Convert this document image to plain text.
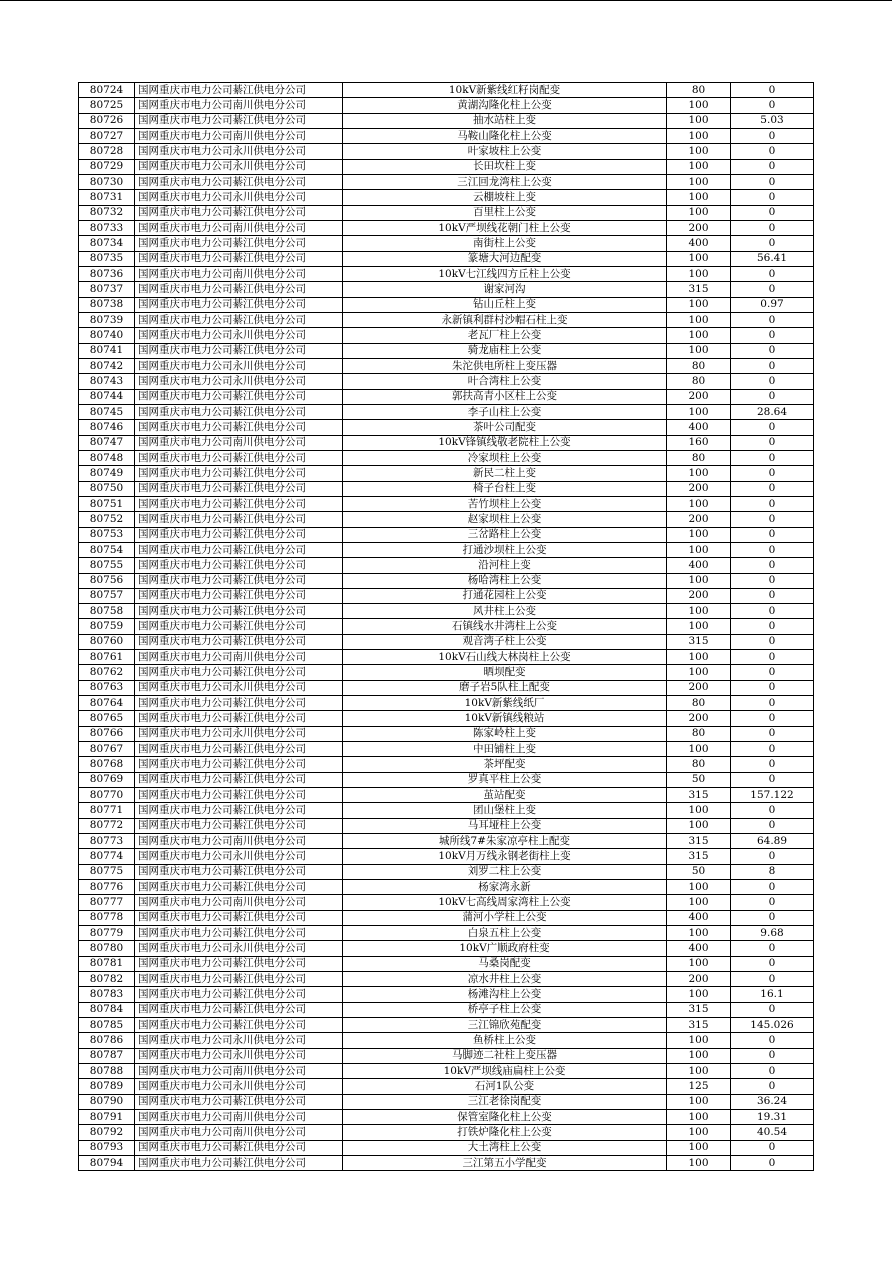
80724	国网重庆市电力公司綦江供电分公司	10kV新紫线红籽岗配变	80	0
80725	国网重庆市电力公司南川供电分公司	黄湖沟隆化柱上公变	100	0
80726	国网重庆市电力公司綦江供电分公司	抽水站柱上变	100	5.03
80727	国网重庆市电力公司南川供电分公司	马鞍山隆化柱上公变	100	0
80728	国网重庆市电力公司永川供电分公司	叶家坡柱上公变	100	0
80729	国网重庆市电力公司永川供电分公司	长田坎柱上变	100	0
80730	国网重庆市电力公司綦江供电分公司	三江回龙湾柱上公变	100	0
80731	国网重庆市电力公司永川供电分公司	云棚坡柱上变	100	0
80732	国网重庆市电力公司綦江供电分公司	百里柱上公变	100	0
80733	国网重庆市电力公司南川供电分公司	10kV严坝线花朝门柱上公变	200	0
80734	国网重庆市电力公司綦江供电分公司	南街柱上公变	400	0
80735	国网重庆市电力公司綦江供电分公司	篆塘大河边配变	100	56.41
80736	国网重庆市电力公司南川供电分公司	10kV七江线四方丘柱上公变	100	0
80737	国网重庆市电力公司綦江供电分公司	谢家河沟	315	0
80738	国网重庆市电力公司綦江供电分公司	钻山丘柱上变	100	0.97
80739	国网重庆市电力公司綦江供电分公司	永新镇利群村沙帽石柱上变	100	0
80740	国网重庆市电力公司永川供电分公司	老瓦厂柱上公变	100	0
80741	国网重庆市电力公司綦江供电分公司	骑龙庙柱上公变	100	0
80742	国网重庆市电力公司永川供电分公司	朱沱供电所柱上变压器	80	0
80743	国网重庆市电力公司永川供电分公司	叶合湾柱上公变	80	0
80744	国网重庆市电力公司綦江供电分公司	郭扶高青小区柱上公变	200	0
80745	国网重庆市电力公司綦江供电分公司	李子山柱上公变	100	28.64
80746	国网重庆市电力公司綦江供电分公司	茶叶公司配变	400	0
80747	国网重庆市电力公司南川供电分公司	10kV锋镇线敬老院柱上公变	160	0
80748	国网重庆市电力公司綦江供电分公司	冷家坝柱上公变	80	0
80749	国网重庆市电力公司綦江供电分公司	新民二柱上变	100	0
80750	国网重庆市电力公司綦江供电分公司	椅子台柱上变	200	0
80751	国网重庆市电力公司綦江供电分公司	苦竹坝柱上公变	100	0
80752	国网重庆市电力公司綦江供电分公司	赵家坝柱上公变	200	0
80753	国网重庆市电力公司綦江供电分公司	三岔路柱上公变	100	0
80754	国网重庆市电力公司綦江供电分公司	打通沙坝柱上公变	100	0
80755	国网重庆市电力公司綦江供电分公司	沿河柱上变	400	0
80756	国网重庆市电力公司綦江供电分公司	杨哈湾柱上公变	100	0
80757	国网重庆市电力公司綦江供电分公司	打通花园柱上公变	200	0
80758	国网重庆市电力公司綦江供电分公司	风井柱上公变	100	0
80759	国网重庆市电力公司綦江供电分公司	石镇线水井湾柱上公变	100	0
80760	国网重庆市电力公司綦江供电分公司	观音湾子柱上公变	315	0
80761	国网重庆市电力公司南川供电分公司	10kV石山线大林岗柱上公变	100	0
80762	国网重庆市电力公司綦江供电分公司	晒坝配变	100	0
80763	国网重庆市电力公司永川供电分公司	磨子岩5队柱上配变	200	0
80764	国网重庆市电力公司綦江供电分公司	10kV新紫线纸厂	80	0
80765	国网重庆市电力公司綦江供电分公司	10kV新镇线粮站	200	0
80766	国网重庆市电力公司永川供电分公司	陈家岭柱上变	80	0
80767	国网重庆市电力公司綦江供电分公司	中田铺柱上变	100	0
80768	国网重庆市电力公司綦江供电分公司	茶坪配变	80	0
80769	国网重庆市电力公司綦江供电分公司	罗真平柱上公变	50	0
80770	国网重庆市电力公司綦江供电分公司	茧站配变	315	157.122
80771	国网重庆市电力公司綦江供电分公司	团山堡柱上变	100	0
80772	国网重庆市电力公司綦江供电分公司	马耳垭柱上公变	100	0
80773	国网重庆市电力公司南川供电分公司	城所线7#朱家凉亭柱上配变	315	64.89
80774	国网重庆市电力公司永川供电分公司	10kV月万线永钢老街柱上变	315	0
80775	国网重庆市电力公司綦江供电分公司	刘罗二柱上公变	50	8
80776	国网重庆市电力公司綦江供电分公司	杨家湾永新	100	0
80777	国网重庆市电力公司南川供电分公司	10kV七高线周家湾柱上公变	100	0
80778	国网重庆市电力公司綦江供电分公司	蒲河小学柱上公变	400	0
80779	国网重庆市电力公司綦江供电分公司	白泉五柱上公变	100	9.68
80780	国网重庆市电力公司永川供电分公司	10kV广顺政府柱变	400	0
80781	国网重庆市电力公司綦江供电分公司	马桑岗配变	100	0
80782	国网重庆市电力公司綦江供电分公司	凉水井柱上公变	200	0
80783	国网重庆市电力公司綦江供电分公司	杨滩沟柱上公变	100	16.1
80784	国网重庆市电力公司綦江供电分公司	桥亭子柱上公变	315	0
80785	国网重庆市电力公司綦江供电分公司	三江锦欣苑配变	315	145.026
80786	国网重庆市电力公司永川供电分公司	鱼桥柱上公变	100	0
80787	国网重庆市电力公司永川供电分公司	马脚迹二社柱上变压器	100	0
80788	国网重庆市电力公司南川供电分公司	10kV严坝线庙扁柱上公变	100	0
80789	国网重庆市电力公司永川供电分公司	石河1队公变	125	0
80790	国网重庆市电力公司綦江供电分公司	三江老徐岗配变	100	36.24
80791	国网重庆市电力公司南川供电分公司	保管室隆化柱上公变	100	19.31
80792	国网重庆市电力公司南川供电分公司	打铁炉隆化柱上公变	100	40.54
80793	国网重庆市电力公司綦江供电分公司	大土湾柱上公变	100	0
80794	国网重庆市电力公司綦江供电分公司	三江第五小学配变	100	0
